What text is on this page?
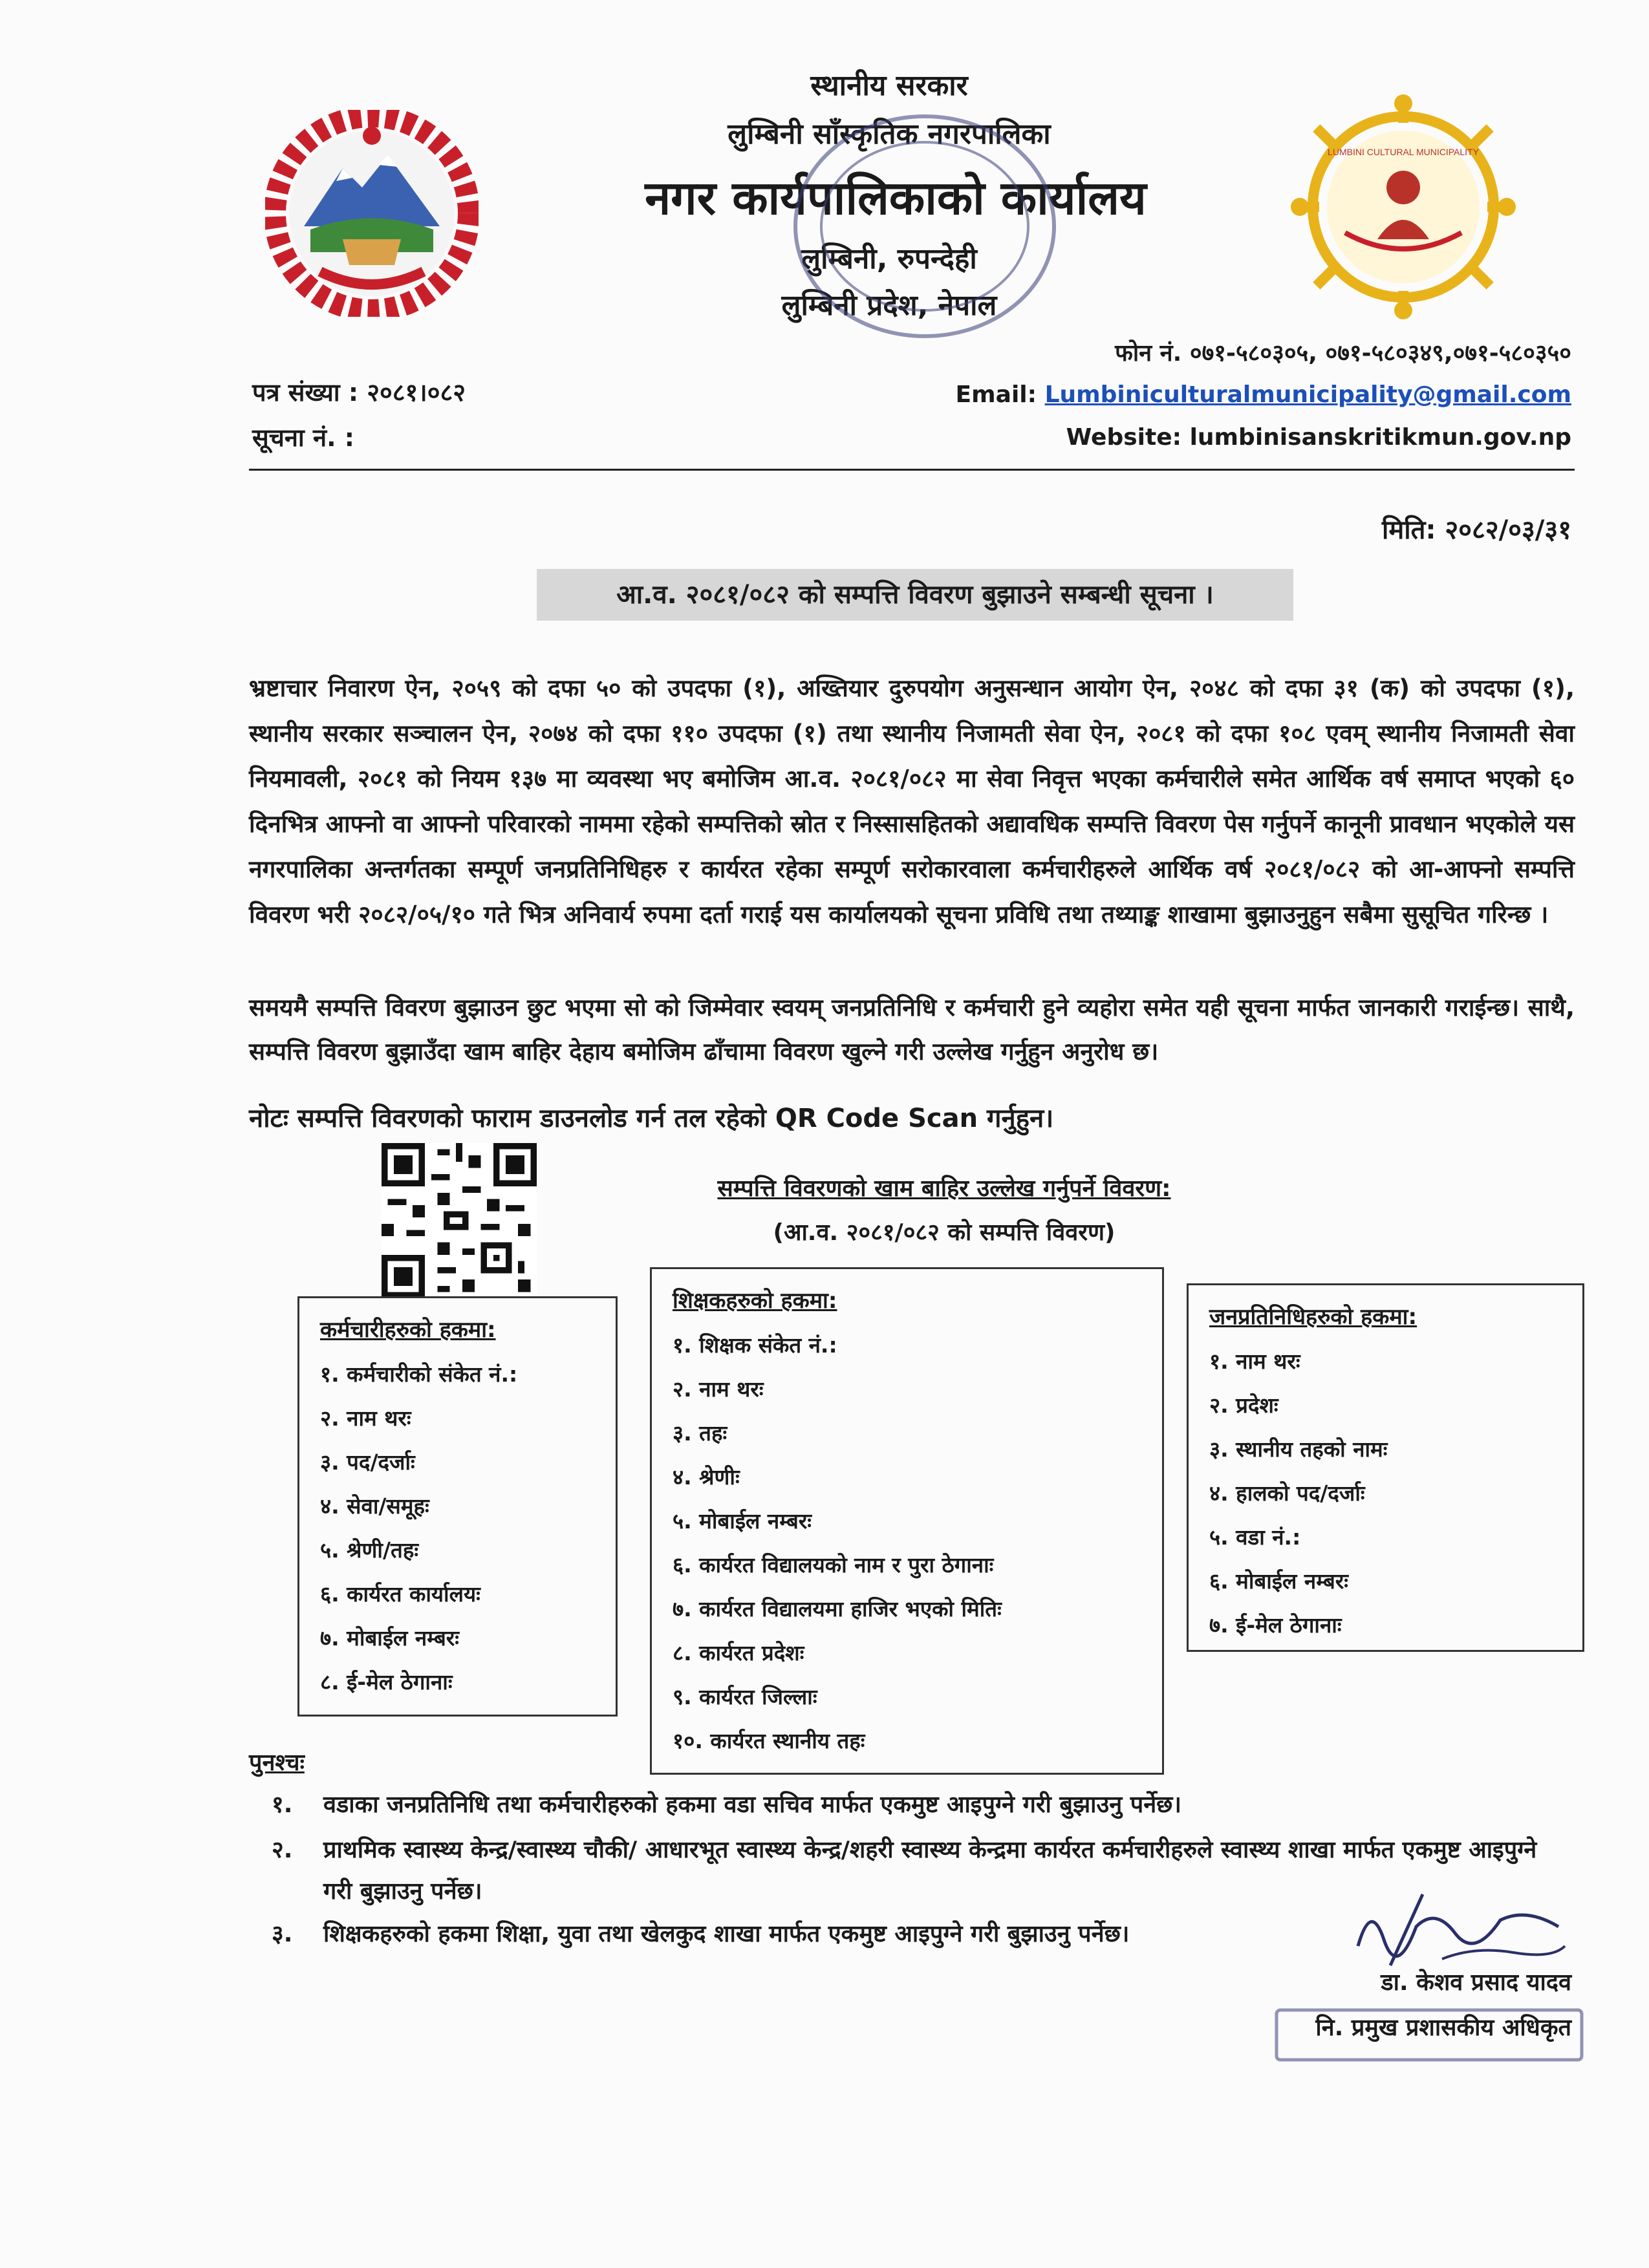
LUMBINI CULTURAL MUNICIPALITY
स्थानीय सरकार
लुम्बिनी साँस्कृतिक नगरपालिका
नगर कार्यपालिकाको कार्यालय
लुम्बिनी, रुपन्देही
लुम्बिनी प्रदेश, नेपाल
फोन नं. ०७१-५८०३०५, ०७१-५८०३४९,०७१-५८०३५०
Email: Lumbiniculturalmunicipality@gmail.com
Website: lumbinisanskritikmun.gov.np
पत्र संख्या : २०८१।०८२
सूचना नं. :
मिति: २०८२/०३/३१
आ.व. २०८१/०८२ को सम्पत्ति विवरण बुझाउने सम्बन्धी सूचना ।
भ्रष्टाचार निवारण ऐन, २०५९ को दफा ५० को उपदफा (१), अख्तियार दुरुपयोग अनुसन्धान आयोग ऐन, २०४८ को दफा ३१ (क) को उपदफा (१), स्थानीय सरकार सञ्चालन ऐन, २०७४ को दफा ११० उपदफा (१) तथा स्थानीय निजामती सेवा ऐन, २०८१ को दफा १०८ एवम् स्थानीय निजामती सेवा नियमावली, २०८१ को नियम १३७ मा व्यवस्था भए बमोजिम आ.व. २०८१/०८२ मा सेवा निवृत्त भएका कर्मचारीले समेत आर्थिक वर्ष समाप्त भएको ६० दिनभित्र आफ्नो वा आफ्नो परिवारको नाममा रहेको सम्पत्तिको स्रोत र निस्सासहितको अद्यावधिक सम्पत्ति विवरण पेस गर्नुपर्ने कानूनी प्रावधान भएकोले यस नगरपालिका अन्तर्गतका सम्पूर्ण जनप्रतिनिधिहरु र कार्यरत रहेका सम्पूर्ण सरोकारवाला कर्मचारीहरुले आर्थिक वर्ष २०८१/०८२ को आ-आफ्नो सम्पत्ति विवरण भरी २०८२/०५/१० गते भित्र अनिवार्य रुपमा दर्ता गराई यस कार्यालयको सूचना प्रविधि तथा तथ्याङ्क शाखामा बुझाउनुहुन सबैमा सुसूचित गरिन्छ ।
समयमै सम्पत्ति विवरण बुझाउन छुट भएमा सो को जिम्मेवार स्वयम् जनप्रतिनिधि र कर्मचारी हुने व्यहोरा समेत यही सूचना मार्फत जानकारी गराईन्छ। साथै, सम्पत्ति विवरण बुझाउँदा खाम बाहिर देहाय बमोजिम ढाँचामा विवरण खुल्ने गरी उल्लेख गर्नुहुन अनुरोध छ।
नोटः सम्पत्ति विवरणको फाराम डाउनलोड गर्न तल रहेको QR Code Scan गर्नुहुन।
सम्पत्ति विवरणको खाम बाहिर उल्लेख गर्नुपर्ने विवरण:
(आ.व. २०८१/०८२ को सम्पत्ति विवरण)
कर्मचारीहरुको हकमा:
१. कर्मचारीको संकेत नं.:
२. नाम थरः
३. पद/दर्जाः
४. सेवा/समूहः
५. श्रेणी/तहः
६. कार्यरत कार्यालयः
७. मोबाईल नम्बरः
८. ई-मेल ठेगानाः
शिक्षकहरुको हकमा:
१. शिक्षक संकेत नं.:
२. नाम थरः
३. तहः
४. श्रेणीः
५. मोबाईल नम्बरः
६. कार्यरत विद्यालयको नाम र पुरा ठेगानाः
७. कार्यरत विद्यालयमा हाजिर भएको मितिः
८. कार्यरत प्रदेशः
९. कार्यरत जिल्लाः
१०. कार्यरत स्थानीय तहः
जनप्रतिनिधिहरुको हकमा:
१. नाम थरः
२. प्रदेशः
३. स्थानीय तहको नामः
४. हालको पद/दर्जाः
५. वडा नं.:
६. मोबाईल नम्बरः
७. ई-मेल ठेगानाः
पुनश्चः
१.	वडाका जनप्रतिनिधि तथा कर्मचारीहरुको हकमा वडा सचिव मार्फत एकमुष्ट आइपुग्ने गरी बुझाउनु पर्नेछ।
२.	प्राथमिक स्वास्थ्य केन्द्र/स्वास्थ्य चौकी/ आधारभूत स्वास्थ्य केन्द्र/शहरी स्वास्थ्य केन्द्रमा कार्यरत कर्मचारीहरुले स्वास्थ्य शाखा मार्फत एकमुष्ट आइपुग्ने गरी बुझाउनु पर्नेछ।
३.	शिक्षकहरुको हकमा शिक्षा, युवा तथा खेलकुद शाखा मार्फत एकमुष्ट आइपुग्ने गरी बुझाउनु पर्नेछ।
डा. केशव प्रसाद यादव
नि. प्रमुख प्रशासकीय अधिकृत
